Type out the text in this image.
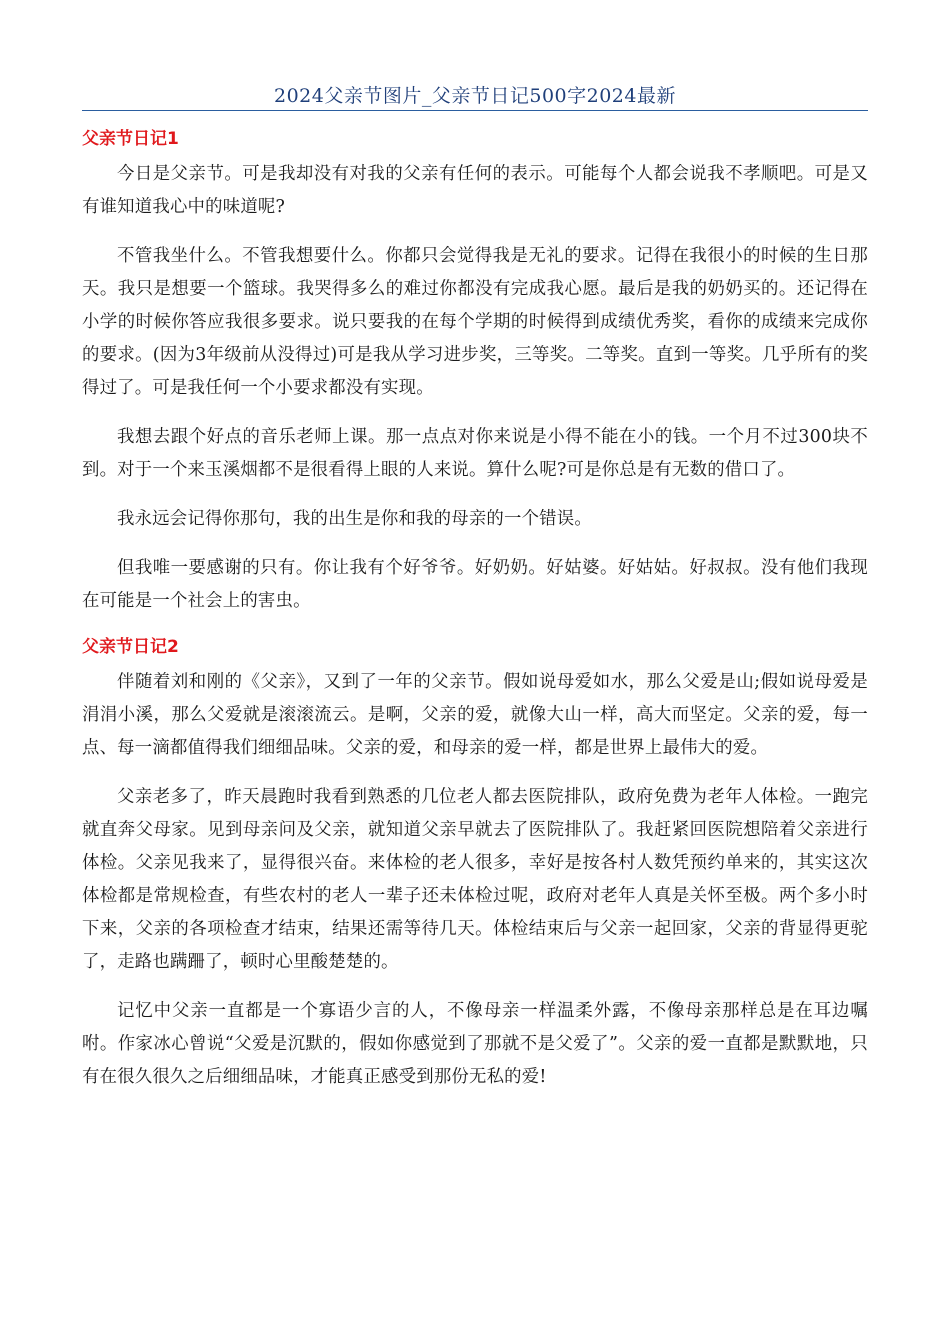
2024父亲节图片_父亲节日记500字2024最新
父亲节日记1

今日是父亲节。可是我却没有对我的父亲有任何的表示。可能每个人都会说我不孝顺吧。可是又有谁知道我心中的味道呢?

不管我坐什么。不管我想要什么。你都只会觉得我是无礼的要求。记得在我很小的时候的生日那天。我只是想要一个篮球。我哭得多么的难过你都没有完成我心愿。最后是我的奶奶买的。还记得在小学的时候你答应我很多要求。说只要我的在每个学期的时候得到成绩优秀奖，看你的成绩来完成你的要求。(因为3年级前从没得过)可是我从学习进步奖，三等奖。二等奖。直到一等奖。几乎所有的奖得过了。可是我任何一个小要求都没有实现。

我想去跟个好点的音乐老师上课。那一点点对你来说是小得不能在小的钱。一个月不过300块不到。对于一个来玉溪烟都不是很看得上眼的人来说。算什么呢?可是你总是有无数的借口了。

我永远会记得你那句，我的出生是你和我的母亲的一个错误。

但我唯一要感谢的只有。你让我有个好爷爷。好奶奶。好姑婆。好姑姑。好叔叔。没有他们我现在可能是一个社会上的害虫。

父亲节日记2

伴随着刘和刚的《父亲》，又到了一年的父亲节。假如说母爱如水，那么父爱是山;假如说母爱是涓涓小溪，那么父爱就是滚滚流云。是啊，父亲的爱，就像大山一样，高大而坚定。父亲的爱，每一点、每一滴都值得我们细细品味。父亲的爱，和母亲的爱一样，都是世界上最伟大的爱。

父亲老多了，昨天晨跑时我看到熟悉的几位老人都去医院排队，政府免费为老年人体检。一跑完就直奔父母家。见到母亲问及父亲，就知道父亲早就去了医院排队了。我赶紧回医院想陪着父亲进行体检。父亲见我来了，显得很兴奋。来体检的老人很多，幸好是按各村人数凭预约单来的，其实这次体检都是常规检查，有些农村的老人一辈子还未体检过呢，政府对老年人真是关怀至极。两个多小时下来，父亲的各项检查才结束，结果还需等待几天。体检结束后与父亲一起回家，父亲的背显得更驼了，走路也蹒跚了，顿时心里酸楚楚的。

记忆中父亲一直都是一个寡语少言的人，不像母亲一样温柔外露，不像母亲那样总是在耳边嘱咐。作家冰心曾说“父爱是沉默的，假如你感觉到了那就不是父爱了”。父亲的爱一直都是默默地，只有在很久很久之后细细品味，才能真正感受到那份无私的爱!
